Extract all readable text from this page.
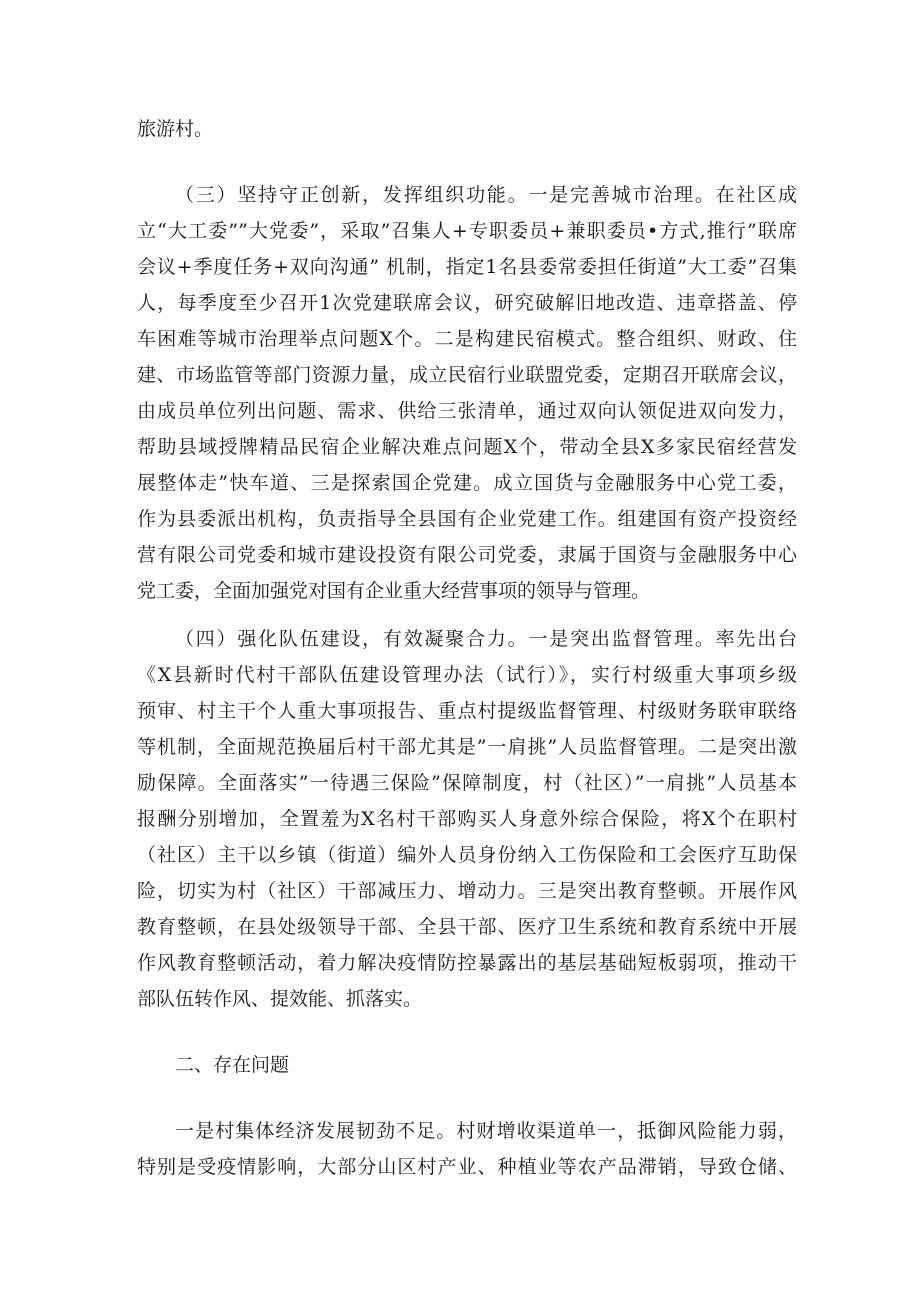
旅游村。
（三）坚持守正创新，发挥组织功能。一是完善城市治理。在社区成
立“大工委””大党委”，采取”召集人+专职委员+兼职委员•方式,推行”联席
会议+季度任务+双向沟通” 机制，指定1名县委常委担任街道”大工委”召集
人，每季度至少召开1次党建联席会议，研究破解旧地改造、违章搭盖、停
车困难等城市治理举点问题X个。二是构建民宿模式。整合组织、财政、住
建、市场监管等部门资源力量，成立民宿行业联盟党委，定期召开联席会议，
由成员单位列出问题、需求、供给三张清单，通过双向认领促进双向发力，
帮助县域授牌精品民宿企业解决难点问题X个，带动全县X多家民宿经营发
展整体走”快车道、三是探索国企党建。成立国货与金融服务中心党工委，
作为县委派出机构，负责指导全县国有企业党建工作。组建国有资产投资经
营有限公司党委和城市建设投资有限公司党委，隶属于国资与金融服务中心
党工委，全面加强党对国有企业重大经营事项的领导与管理。
（四）强化队伍建设，有效凝聚合力。一是突出监督管理。率先出台
《X县新时代村干部队伍建设管理办法（试行）》，实行村级重大事项乡级
预审、村主干个人重大事项报告、重点村提级监督管理、村级财务联审联络
等机制，全面规范换届后村干部尤其是”一肩挑”人员监督管理。二是突出激
励保障。全面落实”一待遇三保险”保障制度，村（社区）”一肩挑”人员基本
报酬分别增加，全置羞为X名村干部购买人身意外综合保险，将X个在职村
（社区）主干以乡镇（街道）编外人员身份纳入工伤保险和工会医疗互助保
险，切实为村（社区）干部减压力、增动力。三是突出教育整顿。开展作风
教育整顿，在县处级领导干部、全县干部、医疗卫生系统和教育系统中开展
作风教育整顿活动，着力解决疫情防控暴露出的基层基础短板弱项，推动干
部队伍转作风、提效能、抓落实。
二、存在问题
一是村集体经济发展韧劲不足。村财增收渠道单一，抵御风险能力弱，
特别是受疫情影响，大部分山区村产业、种植业等农产品滞销，导致仓储、
